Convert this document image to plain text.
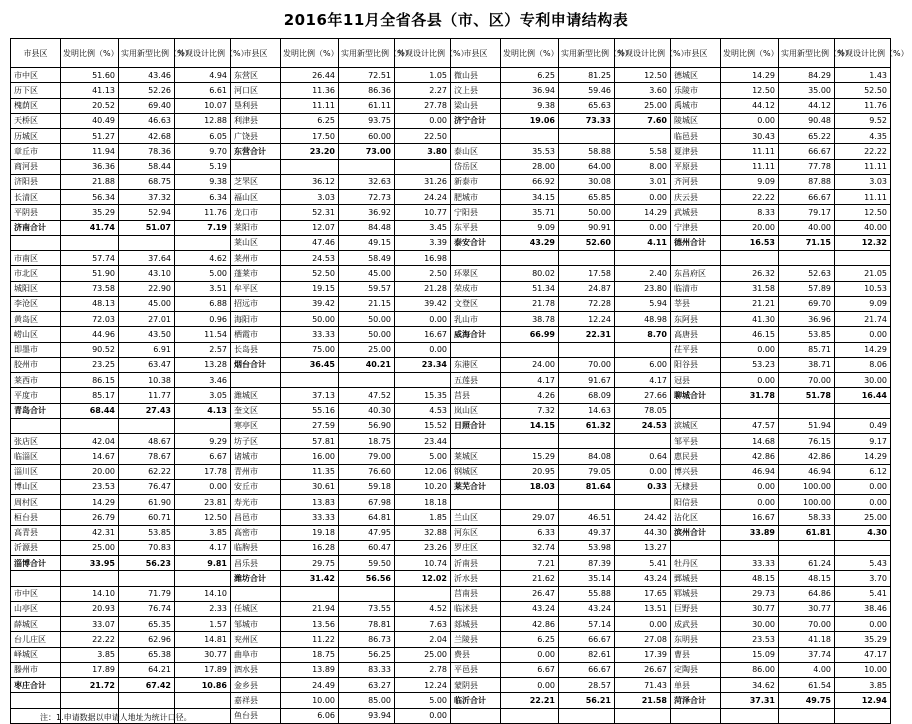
2016年11月全省各县（市、区）专利申请结构表
市县区	发明比例（%）	实用新型比例（%）	外观设计比例（%）	市县区	发明比例（%）	实用新型比例（%）	外观设计比例（%）	市县区	发明比例（%）	实用新型比例（%）	外观设计比例（%）	市县区	发明比例（%）	实用新型比例（%）	外观设计比例（%）
市中区	51.60	43.46	4.94	东营区	26.44	72.51	1.05	微山县	6.25	81.25	12.50	德城区	14.29	84.29	1.43
历下区	41.13	52.26	6.61	河口区	11.36	86.36	2.27	汶上县	36.94	59.46	3.60	乐陵市	12.50	35.00	52.50
槐荫区	20.52	69.40	10.07	垦利县	11.11	61.11	27.78	梁山县	9.38	65.63	25.00	禹城市	44.12	44.12	11.76
天桥区	40.49	46.63	12.88	利津县	6.25	93.75	0.00	济宁合计	19.06	73.33	7.60	陵城区	0.00	90.48	9.52
历城区	51.27	42.68	6.05	广饶县	17.50	60.00	22.50					临邑县	30.43	65.22	4.35
章丘市	11.94	78.36	9.70	东营合计	23.20	73.00	3.80	泰山区	35.53	58.88	5.58	夏津县	11.11	66.67	22.22
商河县	36.36	58.44	5.19					岱岳区	28.00	64.00	8.00	平原县	11.11	77.78	11.11
济阳县	21.88	68.75	9.38	芝罘区	36.12	32.63	31.26	新泰市	66.92	30.08	3.01	齐河县	9.09	87.88	3.03
长清区	56.34	37.32	6.34	福山区	3.03	72.73	24.24	肥城市	34.15	65.85	0.00	庆云县	22.22	66.67	11.11
平阴县	35.29	52.94	11.76	龙口市	52.31	36.92	10.77	宁阳县	35.71	50.00	14.29	武城县	8.33	79.17	12.50
济南合计	41.74	51.07	7.19	莱阳市	12.07	84.48	3.45	东平县	9.09	90.91	0.00	宁津县	20.00	40.00	40.00
				莱山区	47.46	49.15	3.39	泰安合计	43.29	52.60	4.11	德州合计	16.53	71.15	12.32
市南区	57.74	37.64	4.62	莱州市	24.53	58.49	16.98								
市北区	51.90	43.10	5.00	蓬莱市	52.50	45.00	2.50	环翠区	80.02	17.58	2.40	东昌府区	26.32	52.63	21.05
城阳区	73.58	22.90	3.51	牟平区	19.15	59.57	21.28	荣成市	51.34	24.87	23.80	临清市	31.58	57.89	10.53
李沧区	48.13	45.00	6.88	招远市	39.42	21.15	39.42	文登区	21.78	72.28	5.94	莘县	21.21	69.70	9.09
黄岛区	72.03	27.01	0.96	海阳市	50.00	50.00	0.00	乳山市	38.78	12.24	48.98	东阿县	41.30	36.96	21.74
崂山区	44.96	43.50	11.54	栖霞市	33.33	50.00	16.67	威海合计	66.99	22.31	8.70	高唐县	46.15	53.85	0.00
即墨市	90.52	6.91	2.57	长岛县	75.00	25.00	0.00					茌平县	0.00	85.71	14.29
胶州市	23.25	63.47	13.28	烟台合计	36.45	40.21	23.34	东港区	24.00	70.00	6.00	阳谷县	53.23	38.71	8.06
莱西市	86.15	10.38	3.46					五莲县	4.17	91.67	4.17	冠县	0.00	70.00	30.00
平度市	85.17	11.77	3.05	潍城区	37.13	47.52	15.35	莒县	4.26	68.09	27.66	聊城合计	31.78	51.78	16.44
青岛合计	68.44	27.43	4.13	奎文区	55.16	40.30	4.53	岚山区	7.32	14.63	78.05				
				寒亭区	27.59	56.90	15.52	日照合计	14.15	61.32	24.53	滨城区	47.57	51.94	0.49
张店区	42.04	48.67	9.29	坊子区	57.81	18.75	23.44					邹平县	14.68	76.15	9.17
临淄区	14.67	78.67	6.67	诸城市	16.00	79.00	5.00	莱城区	15.29	84.08	0.64	惠民县	42.86	42.86	14.29
淄川区	20.00	62.22	17.78	青州市	11.35	76.60	12.06	钢城区	20.95	79.05	0.00	博兴县	46.94	46.94	6.12
博山区	23.53	76.47	0.00	安丘市	30.61	59.18	10.20	莱芜合计	18.03	81.64	0.33	无棣县	0.00	100.00	0.00
周村区	14.29	61.90	23.81	寿光市	13.83	67.98	18.18					阳信县	0.00	100.00	0.00
桓台县	26.79	60.71	12.50	昌邑市	33.33	64.81	1.85	兰山区	29.07	46.51	24.42	沾化区	16.67	58.33	25.00
高青县	42.31	53.85	3.85	高密市	19.18	47.95	32.88	河东区	6.33	49.37	44.30	滨州合计	33.89	61.81	4.30
沂源县	25.00	70.83	4.17	临朐县	16.28	60.47	23.26	罗庄区	32.74	53.98	13.27				
淄博合计	33.95	56.23	9.81	昌乐县	29.75	59.50	10.74	沂南县	7.21	87.39	5.41	牡丹区	33.33	61.24	5.43
				潍坊合计	31.42	56.56	12.02	沂水县	21.62	35.14	43.24	鄄城县	48.15	48.15	3.70
市中区	14.10	71.79	14.10					莒南县	26.47	55.88	17.65	郓城县	29.73	64.86	5.41
山亭区	20.93	76.74	2.33	任城区	21.94	73.55	4.52	临沭县	43.24	43.24	13.51	巨野县	30.77	30.77	38.46
薛城区	33.07	65.35	1.57	邹城市	13.56	78.81	7.63	郯城县	42.86	57.14	0.00	成武县	30.00	70.00	0.00
台儿庄区	22.22	62.96	14.81	兖州区	11.22	86.73	2.04	兰陵县	6.25	66.67	27.08	东明县	23.53	41.18	35.29
峄城区	3.85	65.38	30.77	曲阜市	18.75	56.25	25.00	费县	0.00	82.61	17.39	曹县	15.09	37.74	47.17
滕州市	17.89	64.21	17.89	泗水县	13.89	83.33	2.78	平邑县	6.67	66.67	26.67	定陶县	86.00	4.00	10.00
枣庄合计	21.72	67.42	10.86	金乡县	24.49	63.27	12.24	蒙阴县	0.00	28.57	71.43	单县	34.62	61.54	3.85
				嘉祥县	10.00	85.00	5.00	临沂合计	22.21	56.21	21.58	菏泽合计	37.31	49.75	12.94
				鱼台县	6.06	93.94	0.00								
注：1.申请数据以申请人地址为统计口径。
